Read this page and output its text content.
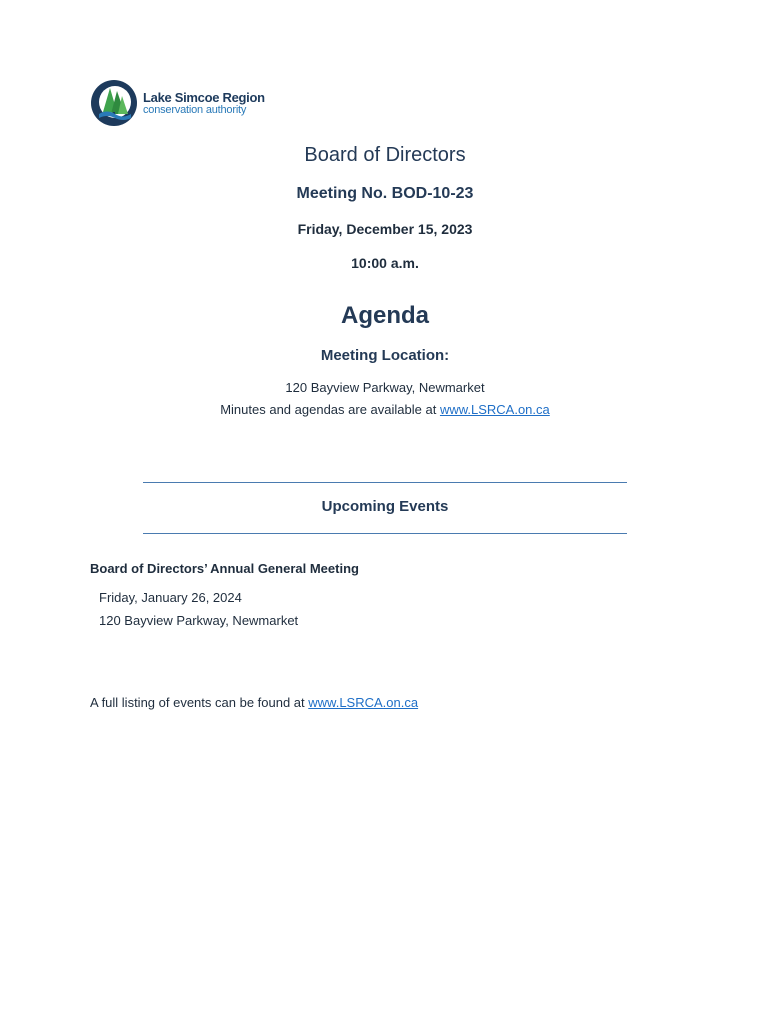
Lake Simcoe Region
conservation authority
Board of Directors
Meeting No. BOD-10-23
Friday, December 15, 2023
10:00 a.m.
Agenda
Meeting Location:
120 Bayview Parkway, Newmarket
Minutes and agendas are available at www.LSRCA.on.ca
Upcoming Events
Board of Directors’ Annual General Meeting
Friday, January 26, 2024
120 Bayview Parkway, Newmarket
A full listing of events can be found at www.LSRCA.on.ca
